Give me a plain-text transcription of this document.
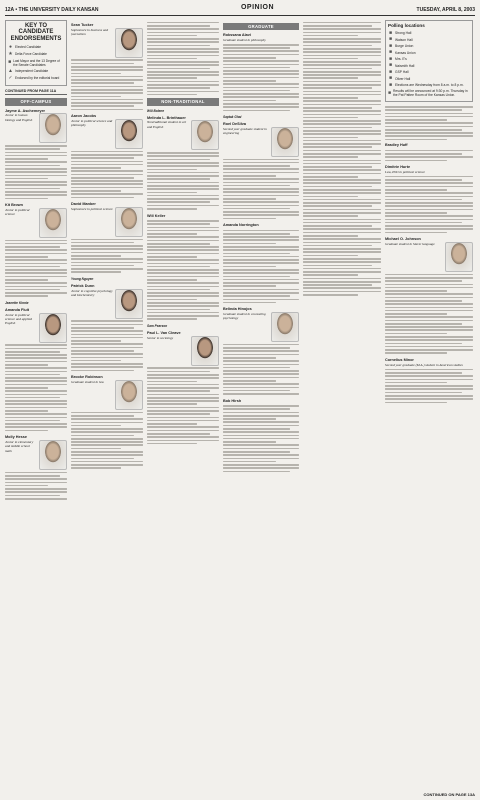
12A • THE UNIVERSITY DAILY KANSAN	OPINION	TUESDAY, APRIL 8, 2003
KEY TO CANDIDATE ENDORSEMENTS
● Elected Candidate
★ Delta Force Candidate
■ Last Mayor and the 13 Degree of the Senate Candidates
▲ Independent Candidate
✓ Endorsed by the editorial board
CONTINUED FROM PAGE 11A
OFF-CAMPUS
Jayme A. Aschemeyer
Junior in human biology and English
Kit Brown
Junior in political science
Jeanette Kinnie
Amanda Fluit
Junior in political science and applied English
Molly Hesse
Junior in elementary and middle school math
Sean Tucker
Sophomore in business and journalism
Aaron Jacobs
Junior in political science and philosophy
David Manber
Sophomore in political science
Young Nguyen
Patrick Dunn
Junior in cognitive psychology and biochemistry
Brooke Robinson
Graduate student in law
NON-TRADITIONAL
Will Bolene
Melinda L. Brinthauer
Nontraditional student in art and English
Will Keller
Sam Pearson
Paul L. Van Cleave
Senior in sociology
GRADUATE
Rokssana Alavi
Graduate student in philosophy
Saptak Ghai
Roel DeSilva
Second year graduate student in engineering
Amanda Norrington
Belinda Hinojos
Graduate student in counseling psychology
Bob Hirsh
Polling locations
■ Strong Hall
■ Watson Hall
■ Burge Union
■ Kansas Union
■ Mrs. E's
■ Naismith Hall
■ GSP Hall
■ Oliver Hall
■ Elections are Wednesday from 8 a.m. to 8 p.m.
■ Results will be announced at 9:30 p.m. Thursday in the Pat Pattee Room of the Kansas Union.
Bradley Huff
Dimitrie Hurte
Law, PhD in political science
Michael O. Johnson
Graduate student in Slavic language
Cornelius Minor
Second year graduate (M.A.) student in American studies
CONTINUED ON PAGE 13A
